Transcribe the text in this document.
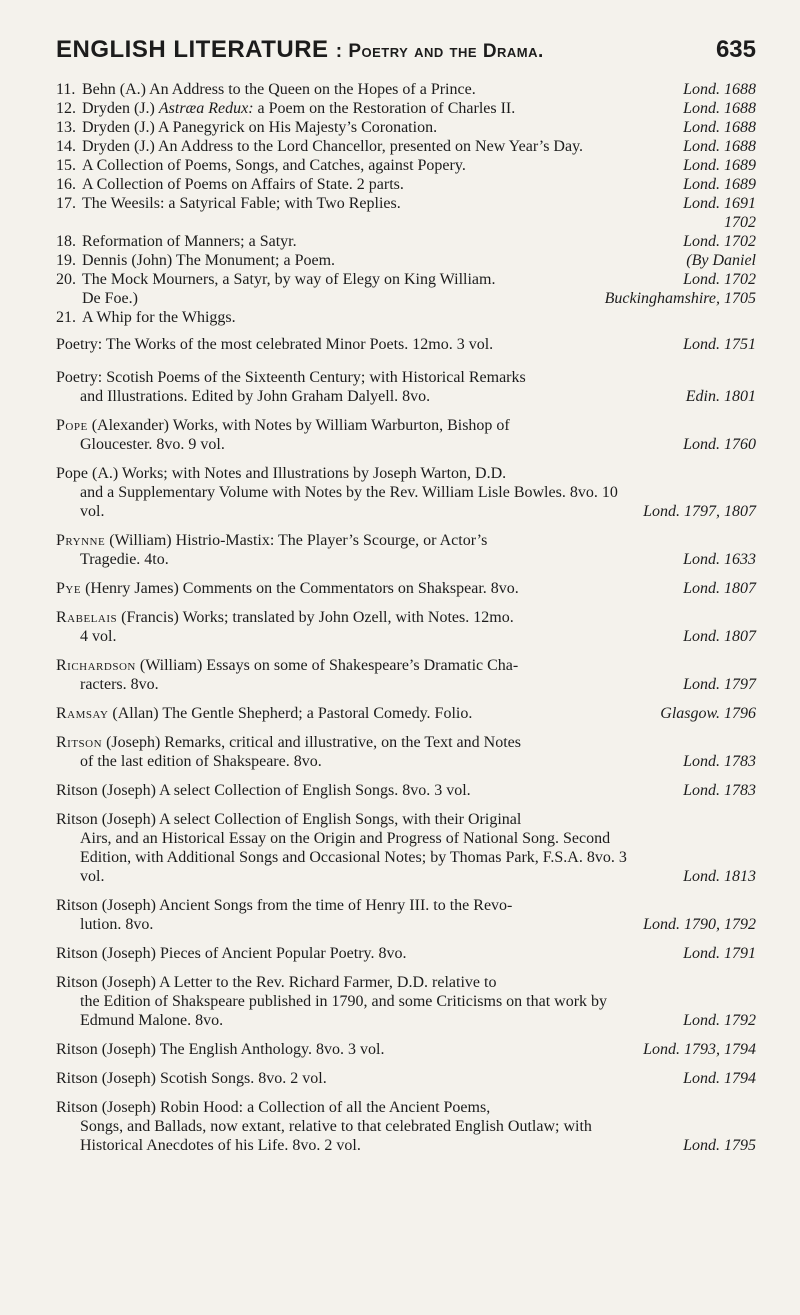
ENGLISH LITERATURE : Poetry and the Drama.	635
11. Behn (A.) An Address to the Queen on the Hopes of a Prince.	Lond. 1688
12. Dryden (J.) Astræa Redux: a Poem on the Restoration of Charles II.	Lond. 1688
13. Dryden (J.) A Panegyrick on His Majesty’s Coronation.	Lond. 1688
14. Dryden (J.) An Address to the Lord Chancellor, presented on New Year’s Day.	Lond. 1688
15. A Collection of Poems, Songs, and Catches, against Popery.	Lond. 1689
16. A Collection of Poems on Affairs of State. 2 parts.	Lond. 1689
17. The Weesils: a Satyrical Fable; with Two Replies.	Lond. 1691
1702
18. Reformation of Manners; a Satyr.	Lond. 1702
19. Dennis (John) The Monument; a Poem.	(By Daniel
20. The Mock Mourners, a Satyr, by way of Elegy on King William.	Lond. 1702
De Foe.)	Buckinghamshire, 1705
21. A Whip for the Whiggs.
Poetry: The Works of the most celebrated Minor Poets. 12mo. 3 vol.	Lond. 1751
Poetry: Scotish Poems of the Sixteenth Century; with Historical Remarks
and Illustrations. Edited by John Graham Dalyell. 8vo.	Edin. 1801
Pope (Alexander) Works, with Notes by William Warburton, Bishop of
Gloucester. 8vo. 9 vol.	Lond. 1760
Pope (A.) Works; with Notes and Illustrations by Joseph Warton, D.D.
and a Supplementary Volume with Notes by the Rev. William Lisle Bowles. 8vo. 10 vol.	Lond. 1797, 1807
Prynne (William) Histrio-Mastix: The Player’s Scourge, or Actor’s
Tragedie. 4to.	Lond. 1633
Pye (Henry James) Comments on the Commentators on Shakspear. 8vo.	Lond. 1807
Rabelais (Francis) Works; translated by John Ozell, with Notes. 12mo.
4 vol.	Lond. 1807
Richardson (William) Essays on some of Shakespeare’s Dramatic Cha-
racters. 8vo.	Lond. 1797
Ramsay (Allan) The Gentle Shepherd; a Pastoral Comedy. Folio.	Glasgow. 1796
Ritson (Joseph) Remarks, critical and illustrative, on the Text and Notes
of the last edition of Shakspeare. 8vo.	Lond. 1783
Ritson (Joseph) A select Collection of English Songs. 8vo. 3 vol.	Lond. 1783
Ritson (Joseph) A select Collection of English Songs, with their Original
Airs, and an Historical Essay on the Origin and Progress of National Song. Second Edition, with Additional Songs and Occasional Notes; by Thomas Park, F.S.A. 8vo. 3 vol.	Lond. 1813
Ritson (Joseph) Ancient Songs from the time of Henry III. to the Revo-
lution. 8vo.	Lond. 1790, 1792
Ritson (Joseph) Pieces of Ancient Popular Poetry. 8vo.	Lond. 1791
Ritson (Joseph) A Letter to the Rev. Richard Farmer, D.D. relative to
the Edition of Shakspeare published in 1790, and some Criticisms on that work by Edmund Malone. 8vo.	Lond. 1792
Ritson (Joseph) The English Anthology. 8vo. 3 vol.	Lond. 1793, 1794
Ritson (Joseph) Scotish Songs. 8vo. 2 vol.	Lond. 1794
Ritson (Joseph) Robin Hood: a Collection of all the Ancient Poems,
Songs, and Ballads, now extant, relative to that celebrated English Outlaw; with Historical Anecdotes of his Life. 8vo. 2 vol.	Lond. 1795
